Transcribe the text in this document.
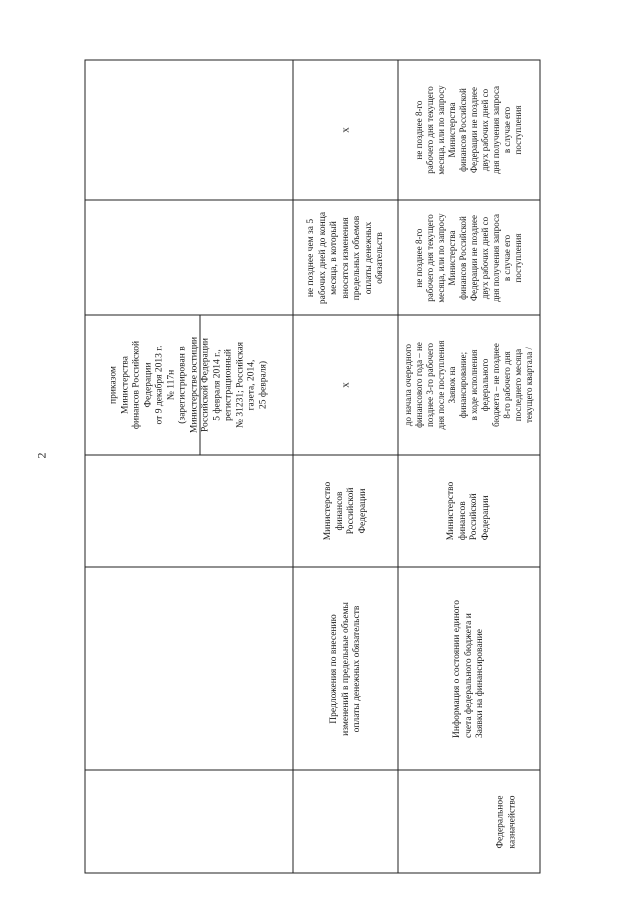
2
Предложения по внесению изменений в предельные объемы оплаты денежных обязательств
Министерство финансов Российской Федерации
приказом Министерства финансов Российской Федерации от 9 декабря 2013 г. № 117н (зарегистрирован в Министерстве юстиции Российской Федерации 5 февраля 2014 г., регистрационный № 31231; Российская газета, 2014, 25 февраля)	x
не позднее чем за 5 рабочих дней до конца месяца, в который вносятся изменения предельных объемов оплаты денежных обязательств
x
Федеральное казначейство
Информация о состоянии единого счета федерального бюджета и Заявки на финансирование
Министерство финансов Российской Федерации
до начала очередного финансового года – не позднее 3-го рабочего дня после поступления Заявок на финансирование; в ходе исполнения федерального бюджета – не позднее 8-го рабочего дня последнего месяца текущего квартала /
не позднее 8-го рабочего дня текущего месяца, или по запросу Министерства финансов Российской Федерации не позднее двух рабочих дней со дня получения запроса в случае его поступления
не позднее 8-го рабочего дня текущего месяца, или по запросу Министерства финансов Российской Федерации не позднее двух рабочих дней со дня получения запроса в случае его поступления
